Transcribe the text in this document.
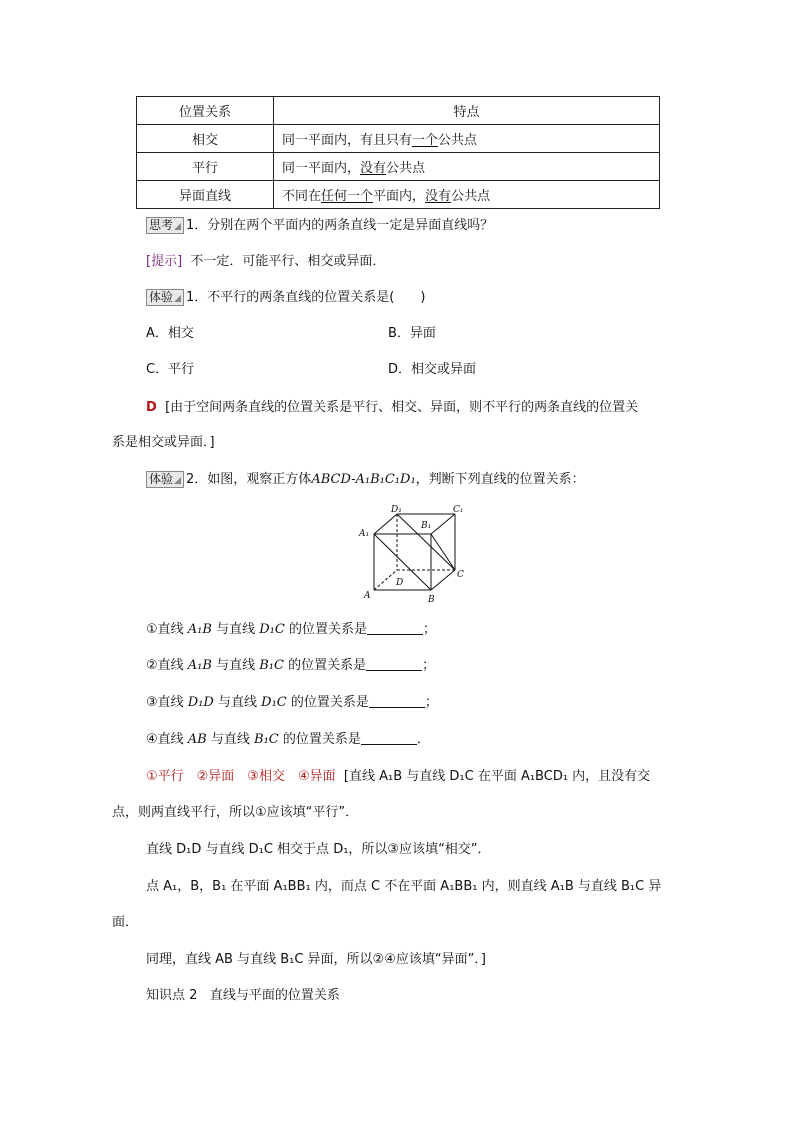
位置关系	特点
相交	同一平面内，有且只有一个公共点
平行	同一平面内，没有公共点
异面直线	不同在任何一个平面内，没有公共点
思考 1．分别在两个平面内的两条直线一定是异面直线吗？
[提示] 不一定．可能平行、相交或异面．
体验 1．不平行的两条直线的位置关系是(　　)
A．相交	B．异面
C．平行	D．相交或异面
D [由于空间两条直线的位置关系是平行、相交、异面，则不平行的两条直线的位置关
系是相交或异面．]
体验 2．如图，观察正方体ABCD-A₁B₁C₁D₁，判断下列直线的位置关系：
A₁
D₁
B₁
C₁
A	B
C
D
①直线 A₁B 与直线 D₁C 的位置关系是	；
②直线 A₁B 与直线 B₁C 的位置关系是	；
③直线 D₁D 与直线 D₁C 的位置关系是	；
④直线 AB 与直线 B₁C 的位置关系是	．
①平行　②异面　③相交　④异面 [直线 A₁B 与直线 D₁C 在平面 A₁BCD₁ 内，且没有交
点，则两直线平行，所以①应该填“平行”．
直线 D₁D 与直线 D₁C 相交于点 D₁，所以③应该填“相交”．
点 A₁，B，B₁ 在平面 A₁BB₁ 内，而点 C 不在平面 A₁BB₁ 内，则直线 A₁B 与直线 B₁C 异
面．
同理，直线 AB 与直线 B₁C 异面，所以②④应该填“异面”．]
知识点 2 直线与平面的位置关系
